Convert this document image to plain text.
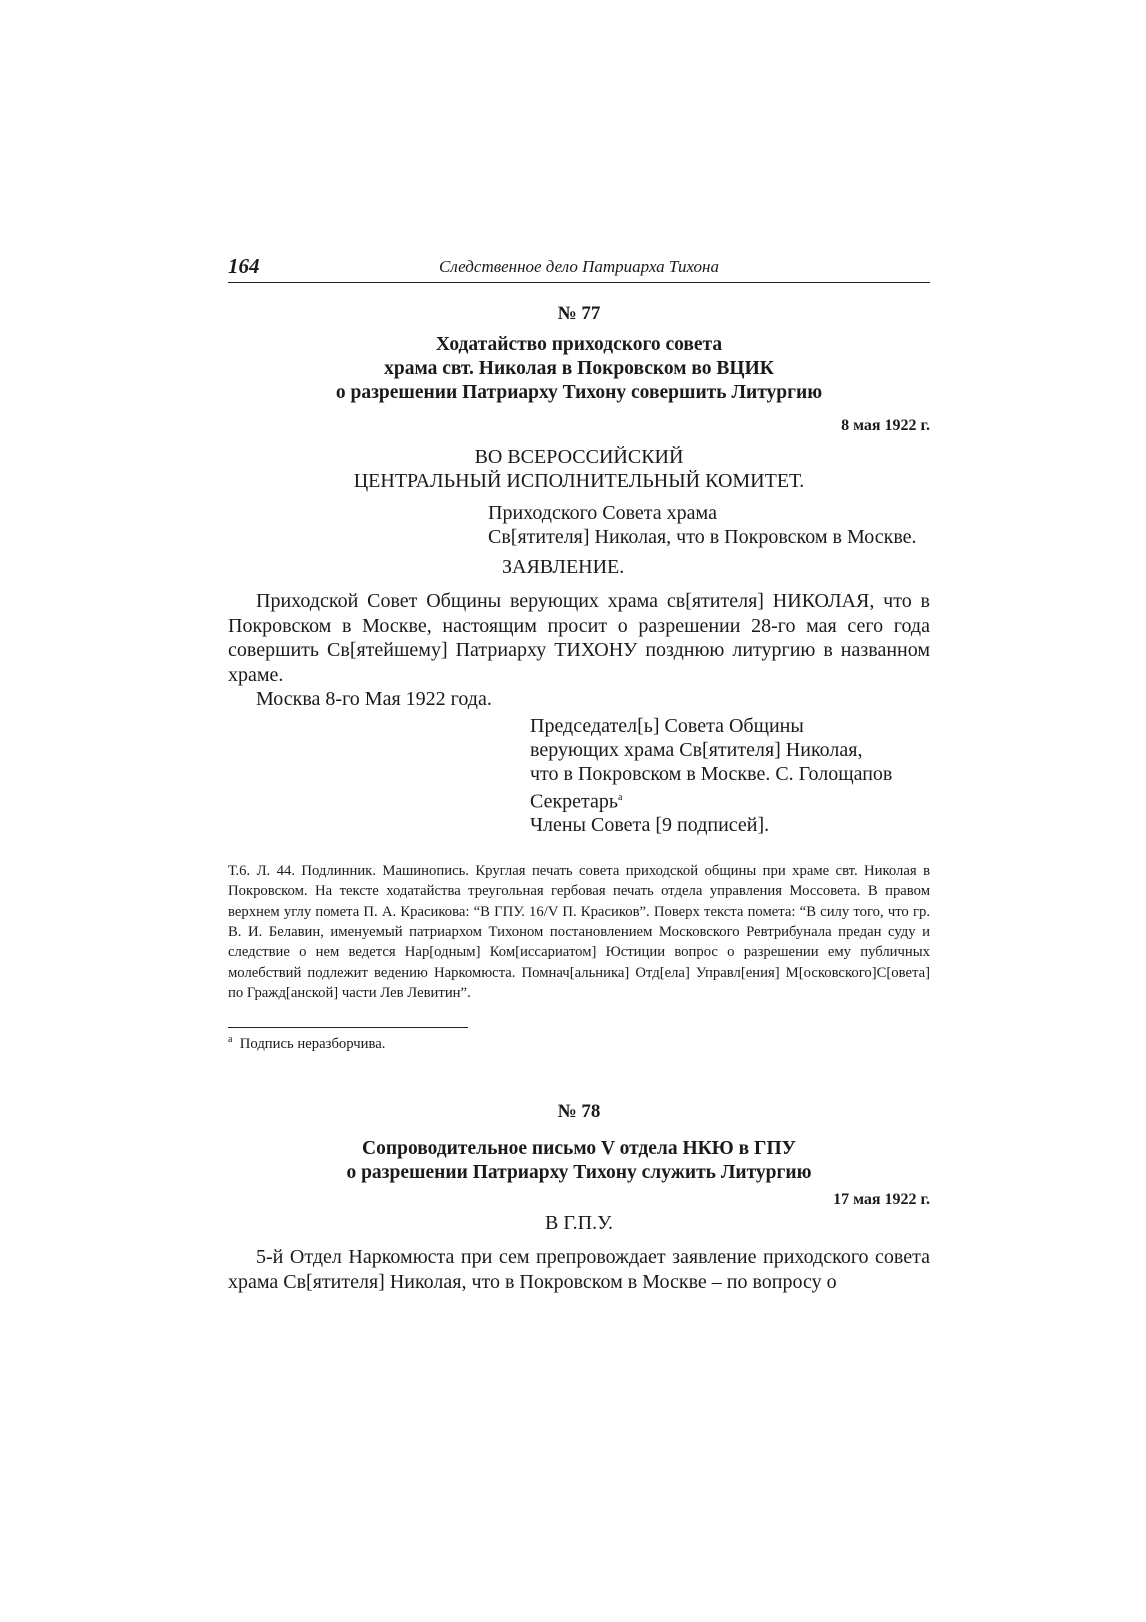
164	Следственное дело Патриарха Тихона
№ 77
Ходатайство приходского совета
храма свт. Николая в Покровском во ВЦИК
о разрешении Патриарху Тихону совершить Литургию
8 мая 1922 г.
ВО ВСЕРОССИЙСКИЙ
ЦЕНТРАЛЬНЫЙ ИСПОЛНИТЕЛЬНЫЙ КОМИТЕТ.
Приходского Совета храма
Св[ятителя] Николая, что в Покровском в Москве.
ЗАЯВЛЕНИЕ.

Приходской Совет Общины верующих храма св[ятителя] НИКОЛАЯ, что в Покровском в Москве, настоящим просит о разрешении 28-го мая сего года совершить Св[ятейшему] Патриарху ТИХОНУ позднюю литургию в названном храме.

Москва 8-го Мая 1922 года.

Председател[ь] Совета Общины
верующих храма Св[ятителя] Николая,
что в Покровском в Москве. С. Голощапов
Секретарь$^a$
Члены Совета [9 подписей].
Т.6. Л. 44. Подлинник. Машинопись. Круглая печать совета приходской общины при храме свт. Николая в Покровском. На тексте ходатайства треугольная гербовая печать отдела управления Моссовета. В правом верхнем углу помета П. А. Красикова: “В ГПУ. 16/V П. Красиков”. Поверх текста помета: “В силу того, что гр. В. И. Белавин, именуемый патриархом Тихоном постановлением Московского Ревтрибунала предан суду и следствие о нем ведется Нар[одным] Ком[иссариатом] Юстиции вопрос о разрешении ему публичных молебствий подлежит ведению Наркомюста. Помнач[альника] Отд[ела] Управл[ения] М[осковского]С[овета] по Гражд[анской] части Лев Левитин”.
$^a$ Подпись неразборчива.
№ 78
Сопроводительное письмо V отдела НКЮ в ГПУ
о разрешении Патриарху Тихону служить Литургию
17 мая 1922 г.
В Г.П.У.

5-й Отдел Наркомюста при сем препровождает заявление приходского совета храма Св[ятителя] Николая, что в Покровском в Москве – по вопросу о
